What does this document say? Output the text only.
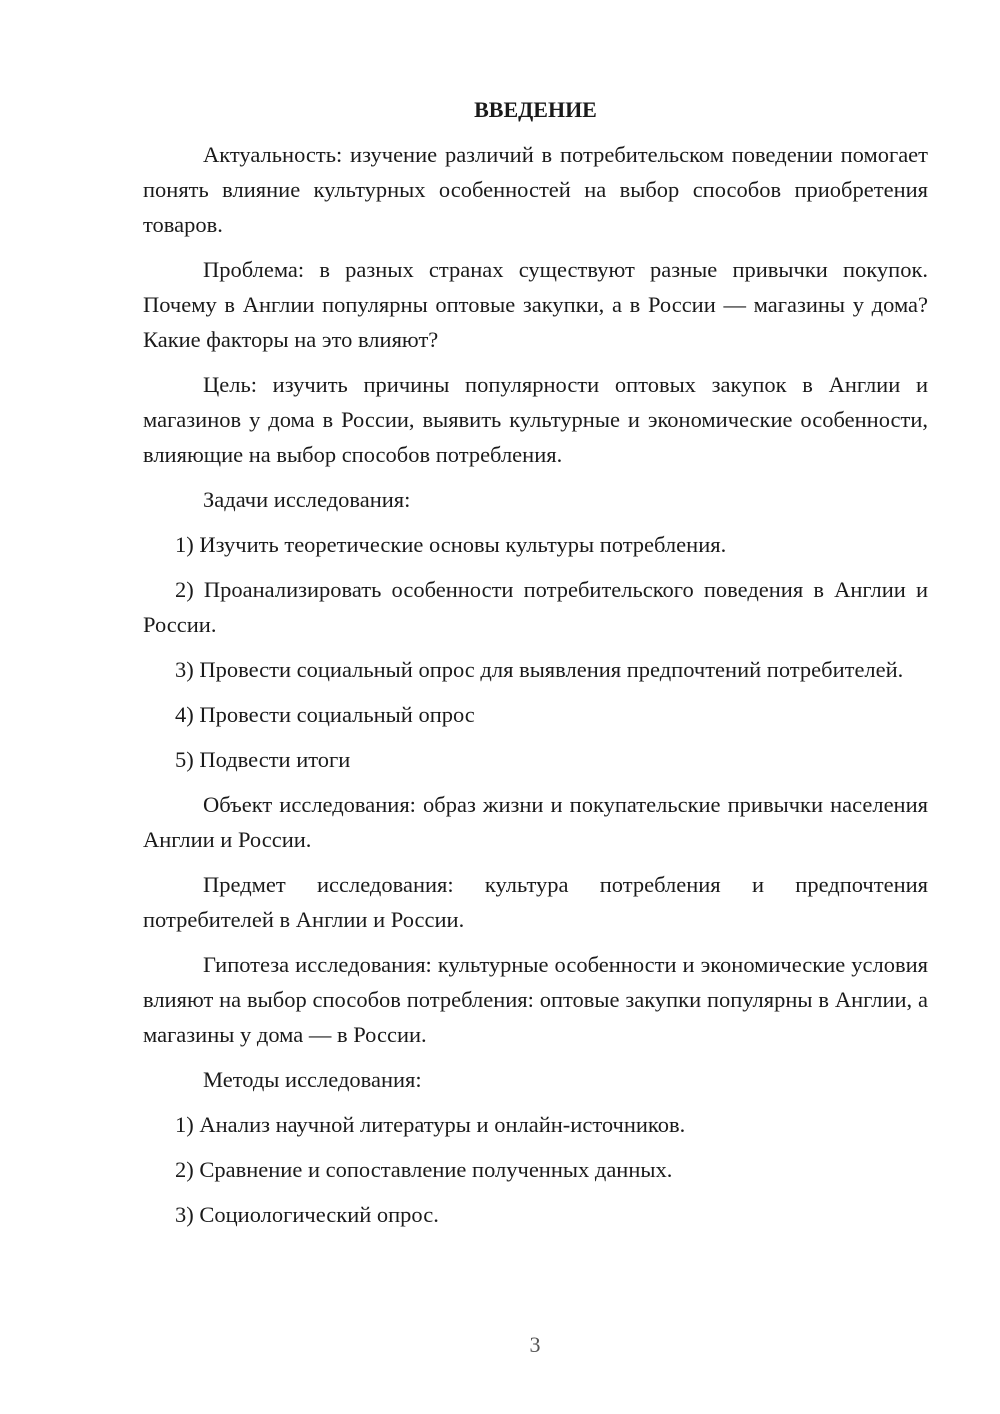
ВВЕДЕНИЕ

Актуальность: изучение различий в потребительском поведении помогает понять влияние культурных особенностей на выбор способов приобретения товаров.

Проблема: в разных странах существуют разные привычки покупок. Почему в Англии популярны оптовые закупки, а в России — магазины у дома? Какие факторы на это влияют?

Цель: изучить причины популярности оптовых закупок в Англии и магазинов у дома в России, выявить культурные и экономические особенности, влияющие на выбор способов потребления.

Задачи исследования:

1) Изучить теоретические основы культуры потребления.

2) Проанализировать особенности потребительского поведения в Англии и России.

3) Провести социальный опрос для выявления предпочтений потребителей.

4) Провести социальный опрос

5) Подвести итоги

Объект исследования: образ жизни и покупательские привычки населения Англии и России.

Предмет исследования: культура потребления и предпочтения потребителей в Англии и России.

Гипотеза исследования: культурные особенности и экономические условия влияют на выбор способов потребления: оптовые закупки популярны в Англии, а магазины у дома — в России.

Методы исследования:

1) Анализ научной литературы и онлайн-источников.

2) Сравнение и сопоставление полученных данных.

3) Социологический опрос.

3
